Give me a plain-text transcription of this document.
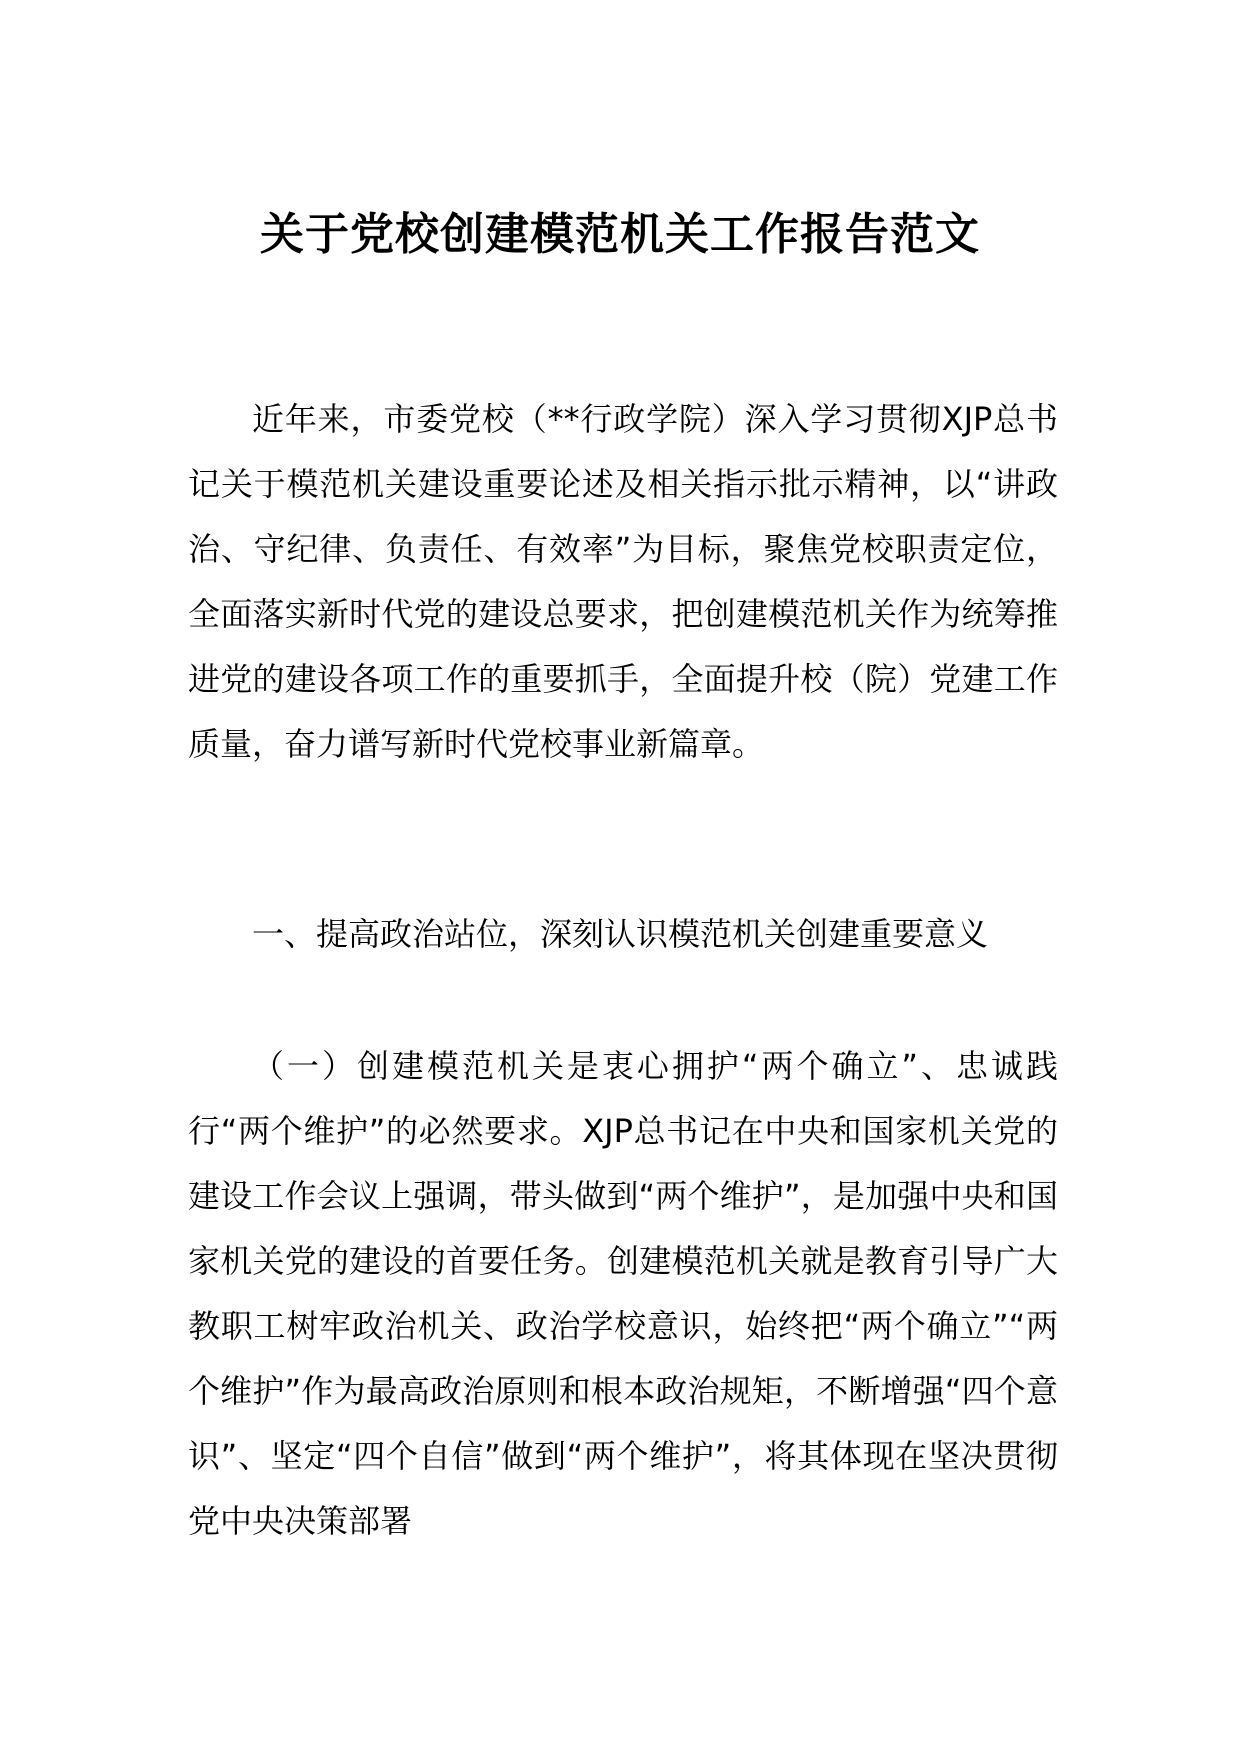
关于党校创建模范机关工作报告范文

近年来，市委党校（**行政学院）深入学习贯彻XJP总书记关于模范机关建设重要论述及相关指示批示精神，以“讲政治、守纪律、负责任、有效率”为目标，聚焦党校职责定位，全面落实新时代党的建设总要求，把创建模范机关作为统筹推进党的建设各项工作的重要抓手，全面提升校（院）党建工作质量，奋力谱写新时代党校事业新篇章。

一、提高政治站位，深刻认识模范机关创建重要意义

（一）创建模范机关是衷心拥护“两个确立”、忠诚践行“两个维护”的必然要求。XJP总书记在中央和国家机关党的建设工作会议上强调，带头做到“两个维护”，是加强中央和国家机关党的建设的首要任务。创建模范机关就是教育引导广大教职工树牢政治机关、政治学校意识，始终把“两个确立”“两个维护”作为最高政治原则和根本政治规矩，不断增强“四个意识”、坚定“四个自信”做到“两个维护”，将其体现在坚决贯彻党中央决策部署
